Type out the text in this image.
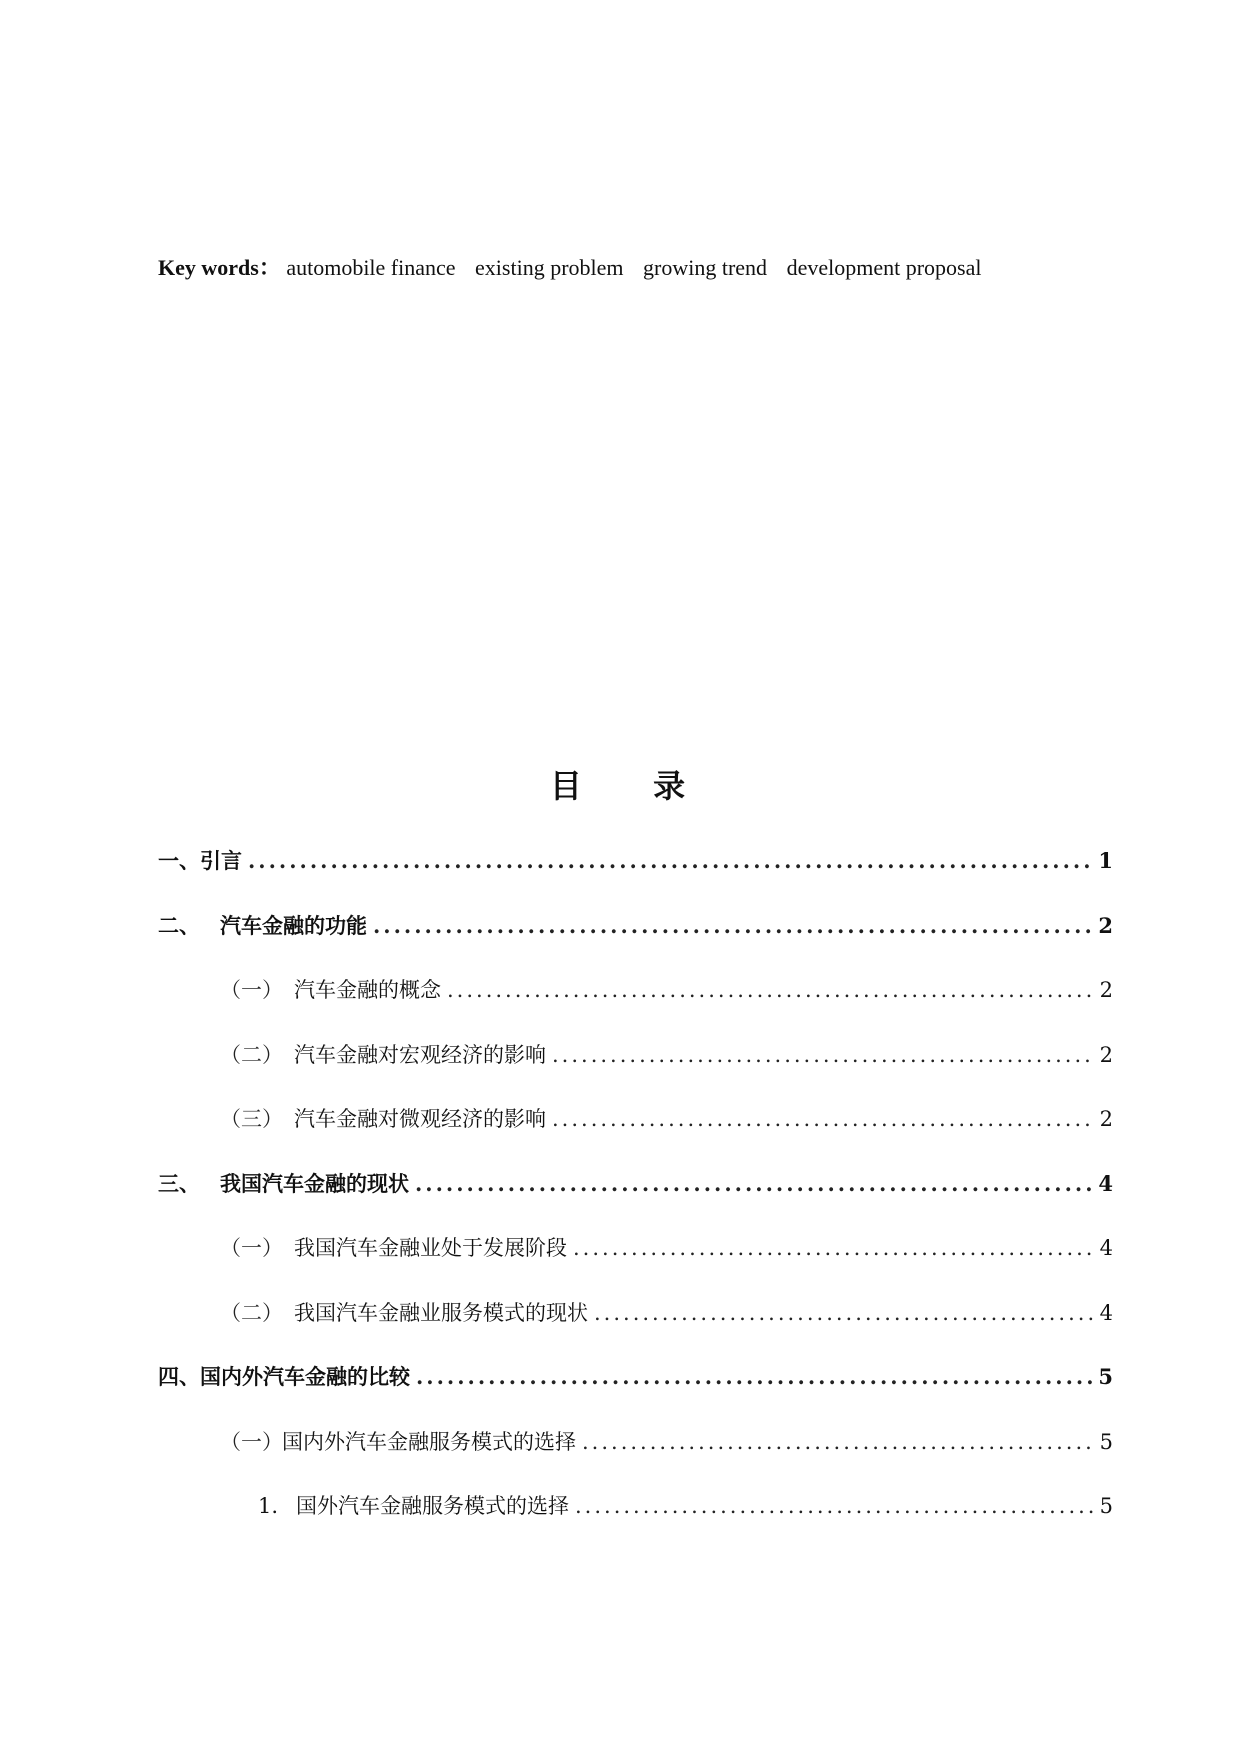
Key words： automobile finance existing problem growing trend development proposal
目 录
一、 引言 .....	1
二、 汽车金融的功能 .....	2
（一） 汽车金融的概念 .....	2
（二） 汽车金融对宏观经济的影响 .....	2
（三） 汽车金融对微观经济的影响 .....	2
三、 我国汽车金融的现状 .....	4
（一） 我国汽车金融业处于发展阶段 .....	4
（二） 我国汽车金融业服务模式的现状 .....	4
四、 国内外汽车金融的比较 .....	5
（一） 国内外汽车金融服务模式的选择 .....	5
1. 国外汽车金融服务模式的选择 .....	5
